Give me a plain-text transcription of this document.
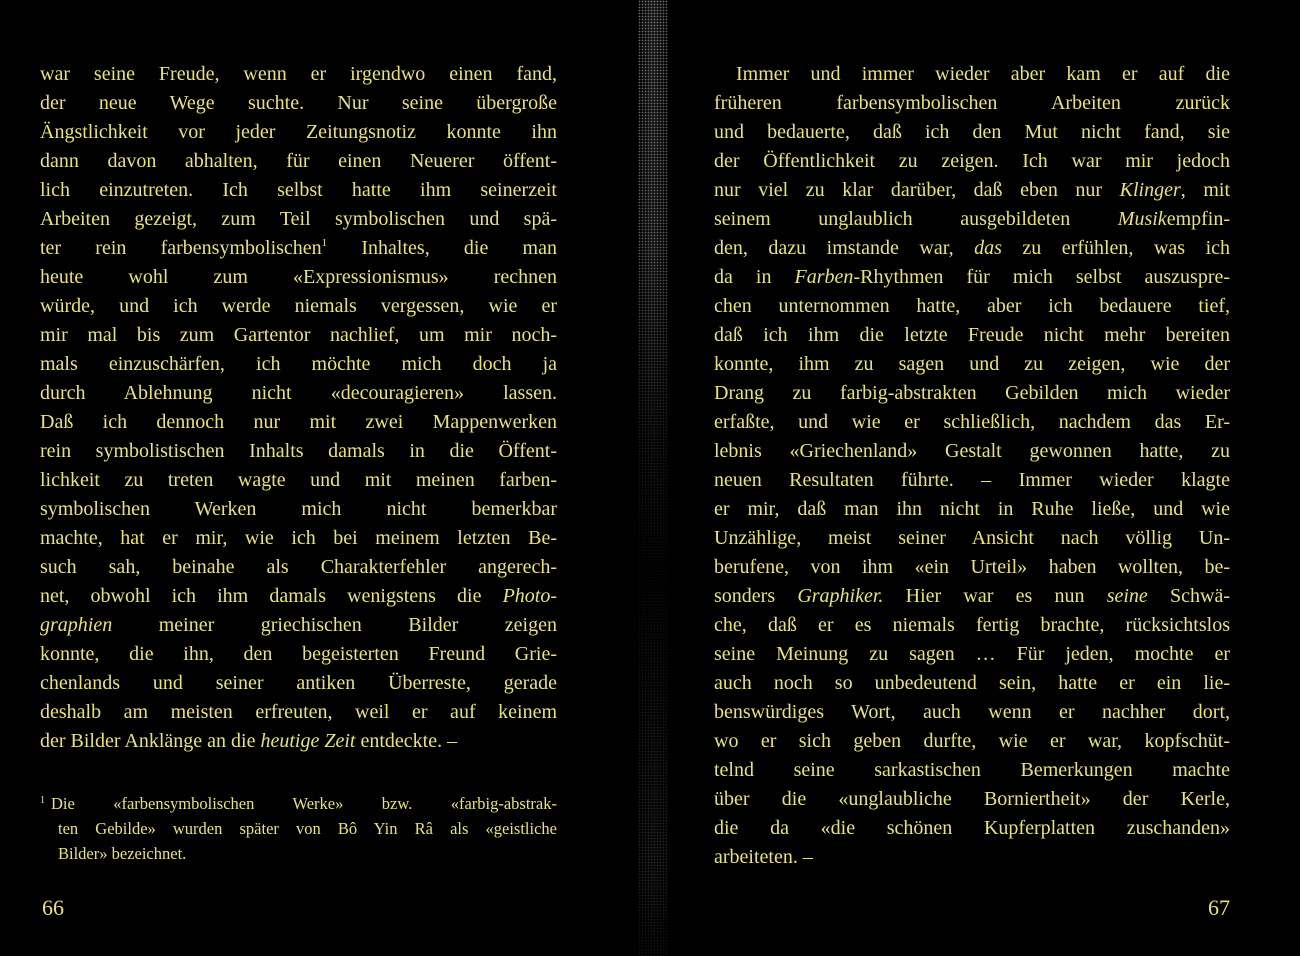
war seine Freude, wenn er irgendwo einen fand,
der neue Wege suchte. Nur seine übergroße
Ängstlichkeit vor jeder Zeitungsnotiz konnte ihn
dann davon abhalten, für einen Neuerer öffent-
lich einzutreten. Ich selbst hatte ihm seinerzeit
Arbeiten gezeigt, zum Teil symbolischen und spä-
ter rein farbensymbolischen$^1$ Inhaltes, die man
heute wohl zum «Expressionismus» rechnen
würde, und ich werde niemals vergessen, wie er
mir mal bis zum Gartentor nachlief, um mir noch-
mals einzuschärfen, ich möchte mich doch ja
durch Ablehnung nicht «decouragieren» lassen.
Daß ich dennoch nur mit zwei Mappenwerken
rein symbolistischen Inhalts damals in die Öffent-
lichkeit zu treten wagte und mit meinen farben-
symbolischen Werken mich nicht bemerkbar
machte, hat er mir, wie ich bei meinem letzten Be-
such sah, beinahe als Charakterfehler angerech-
net, obwohl ich ihm damals wenigstens die Photo-
graphien meiner griechischen Bilder zeigen
konnte, die ihn, den begeisterten Freund Grie-
chenlands und seiner antiken Überreste, gerade
deshalb am meisten erfreuten, weil er auf keinem
der Bilder Anklänge an die heutige Zeit entdeckte. –
$^1$ Die «farbensymbolischen Werke» bzw. «farbig-abstrak-
ten Gebilde» wurden später von Bô Yin Râ als «geistliche
Bilder» bezeichnet.
66
Immer und immer wieder aber kam er auf die
früheren farbensymbolischen Arbeiten zurück
und bedauerte, daß ich den Mut nicht fand, sie
der Öffentlichkeit zu zeigen. Ich war mir jedoch
nur viel zu klar darüber, daß eben nur Klinger, mit
seinem unglaublich ausgebildeten Musikempfin-
den, dazu imstande war, das zu erfühlen, was ich
da in Farben-Rhythmen für mich selbst auszuspre-
chen unternommen hatte, aber ich bedauere tief,
daß ich ihm die letzte Freude nicht mehr bereiten
konnte, ihm zu sagen und zu zeigen, wie der
Drang zu farbig-abstrakten Gebilden mich wieder
erfaßte, und wie er schließlich, nachdem das Er-
lebnis «Griechenland» Gestalt gewonnen hatte, zu
neuen Resultaten führte. – Immer wieder klagte
er mir, daß man ihn nicht in Ruhe ließe, und wie
Unzählige, meist seiner Ansicht nach völlig Un-
berufene, von ihm «ein Urteil» haben wollten, be-
sonders Graphiker. Hier war es nun seine Schwä-
che, daß er es niemals fertig brachte, rücksichtslos
seine Meinung zu sagen … Für jeden, mochte er
auch noch so unbedeutend sein, hatte er ein lie-
benswürdiges Wort, auch wenn er nachher dort,
wo er sich geben durfte, wie er war, kopfschüt-
telnd seine sarkastischen Bemerkungen machte
über die «unglaubliche Borniertheit» der Kerle,
die da «die schönen Kupferplatten zuschanden»
arbeiteten. –
67
